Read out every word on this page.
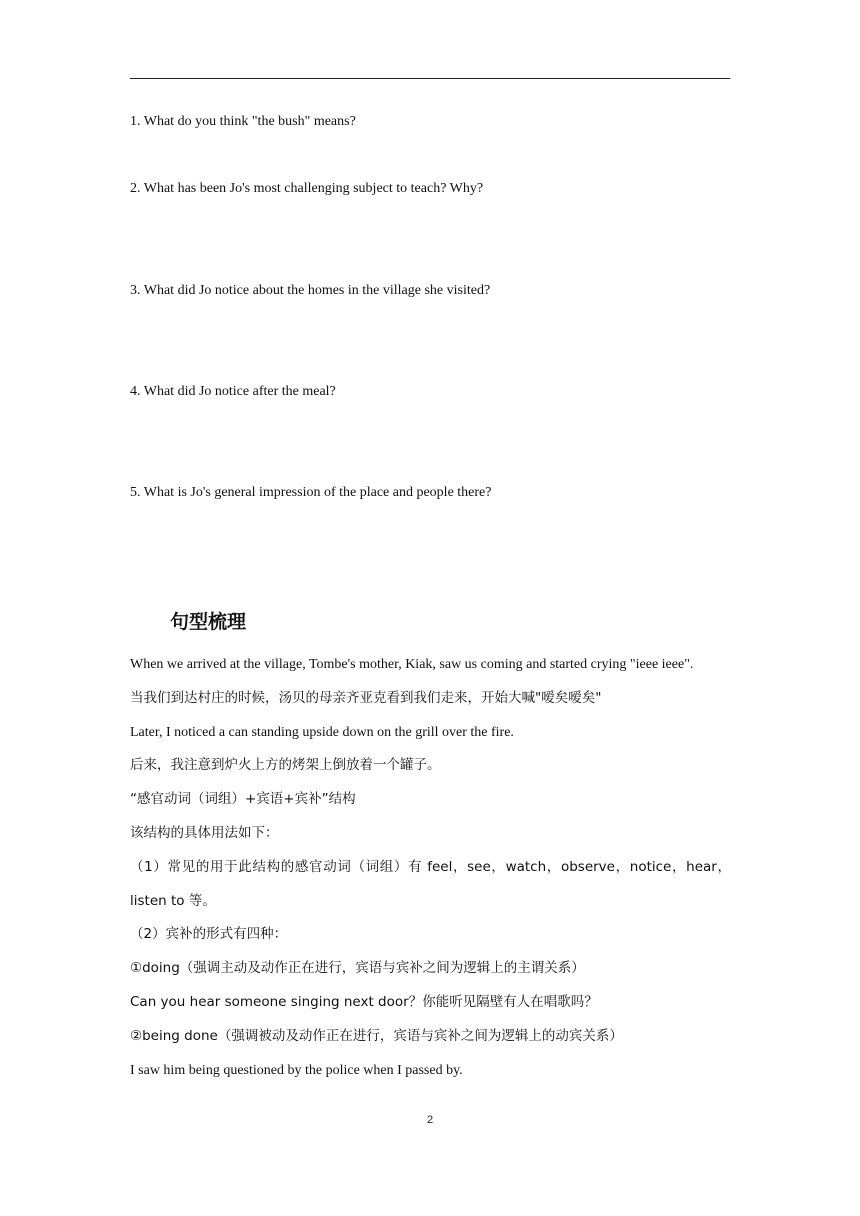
1. What do you think "the bush" means?
2. What has been Jo's most challenging subject to teach? Why?
3. What did Jo notice about the homes in the village she visited?
4. What did Jo notice after the meal?
5. What is Jo's general impression of the place and people there?
句型梳理
When we arrived at the village, Tombe's mother, Kiak, saw us coming and started crying "ieee ieee".
当我们到达村庄的时候，汤贝的母亲齐亚克看到我们走来，开始大喊"嗳矣嗳矣"
Later, I noticed a can standing upside down on the grill over the fire.
后来，我注意到炉火上方的烤架上倒放着一个罐子。
“感官动词（词组）+宾语+宾补”结构
该结构的具体用法如下：
（1）常见的用于此结构的感官动词（词组）有 feel，see，watch，observe，notice，hear，listen to 等。
（2）宾补的形式有四种：
①doing（强调主动及动作正在进行，宾语与宾补之间为逻辑上的主谓关系）
Can you hear someone singing next door？你能听见隔壁有人在唱歌吗？
②being done（强调被动及动作正在进行，宾语与宾补之间为逻辑上的动宾关系）
I saw him being questioned by the police when I passed by.
2
